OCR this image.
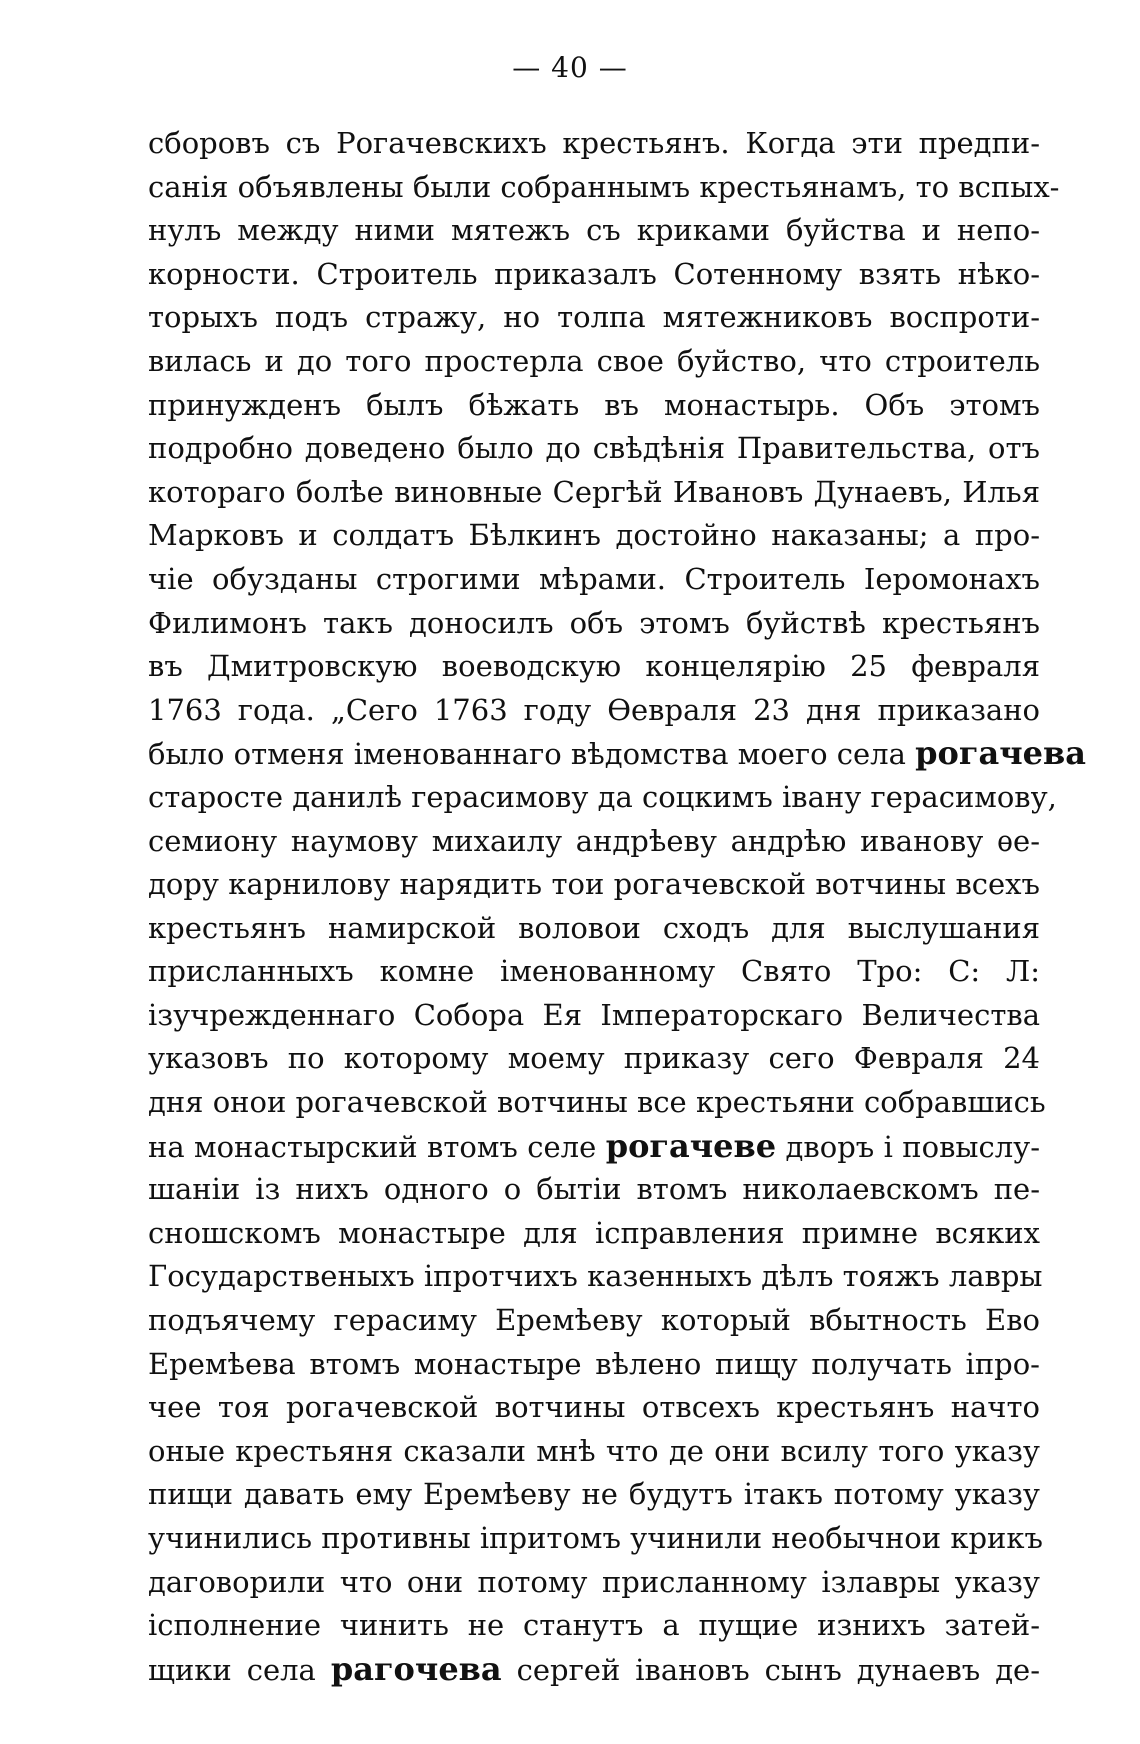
— 40 —
сборовъ съ Рогачевскихъ крестьянъ. Когда эти предпи-
санія объявлены были собраннымъ крестьянамъ, то вспых-
нулъ между ними мятежъ съ криками буйства и непо-
корности. Строитель приказалъ Сотенному взять нѣко-
торыхъ подъ стражу, но толпа мятежниковъ воспроти-
вилась и до того простерла свое буйство, что строитель
принужденъ былъ бѣжать въ монастырь. Объ этомъ
подробно доведено было до свѣдѣнія Правительства, отъ
котораго болѣе виновные Сергѣй Ивановъ Дунаевъ, Илья
Марковъ и солдатъ Бѣлкинъ достойно наказаны; а про-
чіе обузданы строгими мѣрами. Строитель Іеромонахъ
Филимонъ такъ доносилъ объ этомъ буйствѣ крестьянъ
въ Дмитровскую воеводскую концелярію 25 февраля
1763 года. „Сего 1763 году Ѳевраля 23 дня приказано
было отменя іменованнаго вѣдомства моего села рогачева
старосте данилѣ герасимову да соцкимъ івану герасимову,
семиону наумову михаилу андрѣеву андрѣю иванову ѳе-
дору карнилову нарядить тои рогачевской вотчины всехъ
крестьянъ намирской воловои сходъ для выслушания
присланныхъ комне іменованному Свято Тро: С: Л:
ізучрежденнаго Собора Ея Імператорскаго Величества
указовъ по которому моему приказу сего Февраля 24
дня онои рогачевской вотчины все крестьяни собравшись
на монастырский втомъ селе рогачеве дворъ і повыслу-
шаніи із нихъ одного о бытіи втомъ николаевскомъ пе-
сношскомъ монастыре для ісправления примне всяких
Государственыхъ іпротчихъ казенныхъ дѣлъ тояжъ лавры
подъячему герасиму Еремѣеву который вбытность Ево
Еремѣева втомъ монастыре вѣлено пищу получать іпро-
чее тоя рогачевской вотчины отвсехъ крестьянъ начто
оные крестьяня сказали мнѣ что де они всилу того указу
пищи давать ему Еремѣеву не будутъ ітакъ потому указу
учинились противны іпритомъ учинили необычнои крикъ
даговорили что они потому присланному ізлавры указу
ісполнение чинить не станутъ а пущие изнихъ затей-
щики села рагочева сергей івановъ сынъ дунаевъ де-
